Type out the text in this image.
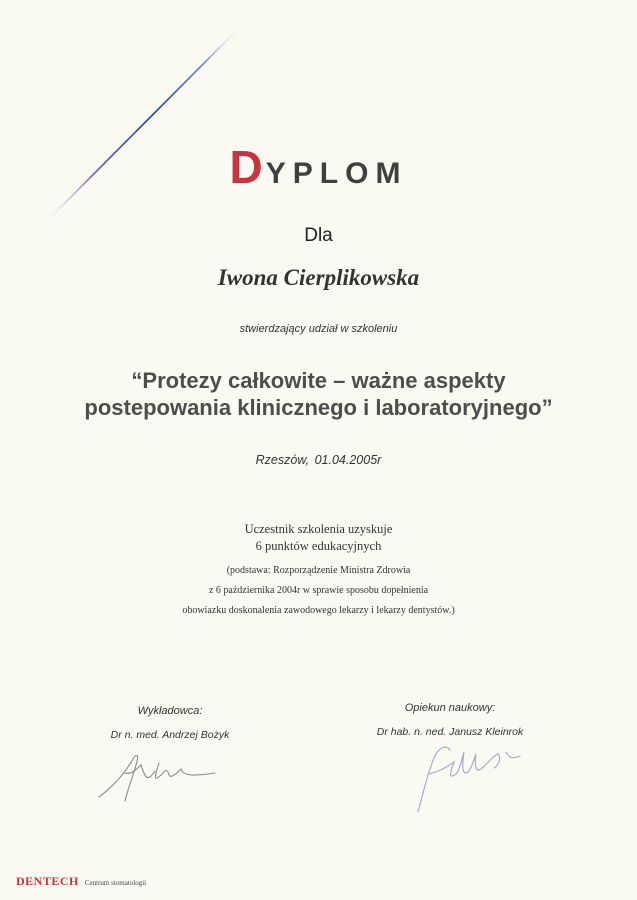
DYPLOM
Dla
Iwona Cierplikowska
stwierdzający udział w szkoleniu
“Protezy całkowite – ważne aspekty
postepowania klinicznego i laboratoryjnego”
Rzeszów, 01.04.2005r
Uczestnik szkolenia uzyskuje
6 punktów edukacyjnych
(podstawa: Rozporządzenie Ministra Zdrowia
z 6 października 2004r w sprawie sposobu dopełnienia
obowiazku doskonalenia zawodowego lekarzy i lekarzy dentystów.)
Wykładowca:
Dr n. med. Andrzej Bożyk
Opiekun naukowy:
Dr hab. n. ned. Janusz Kleinrok
DENTECH Centrum stomatologii
